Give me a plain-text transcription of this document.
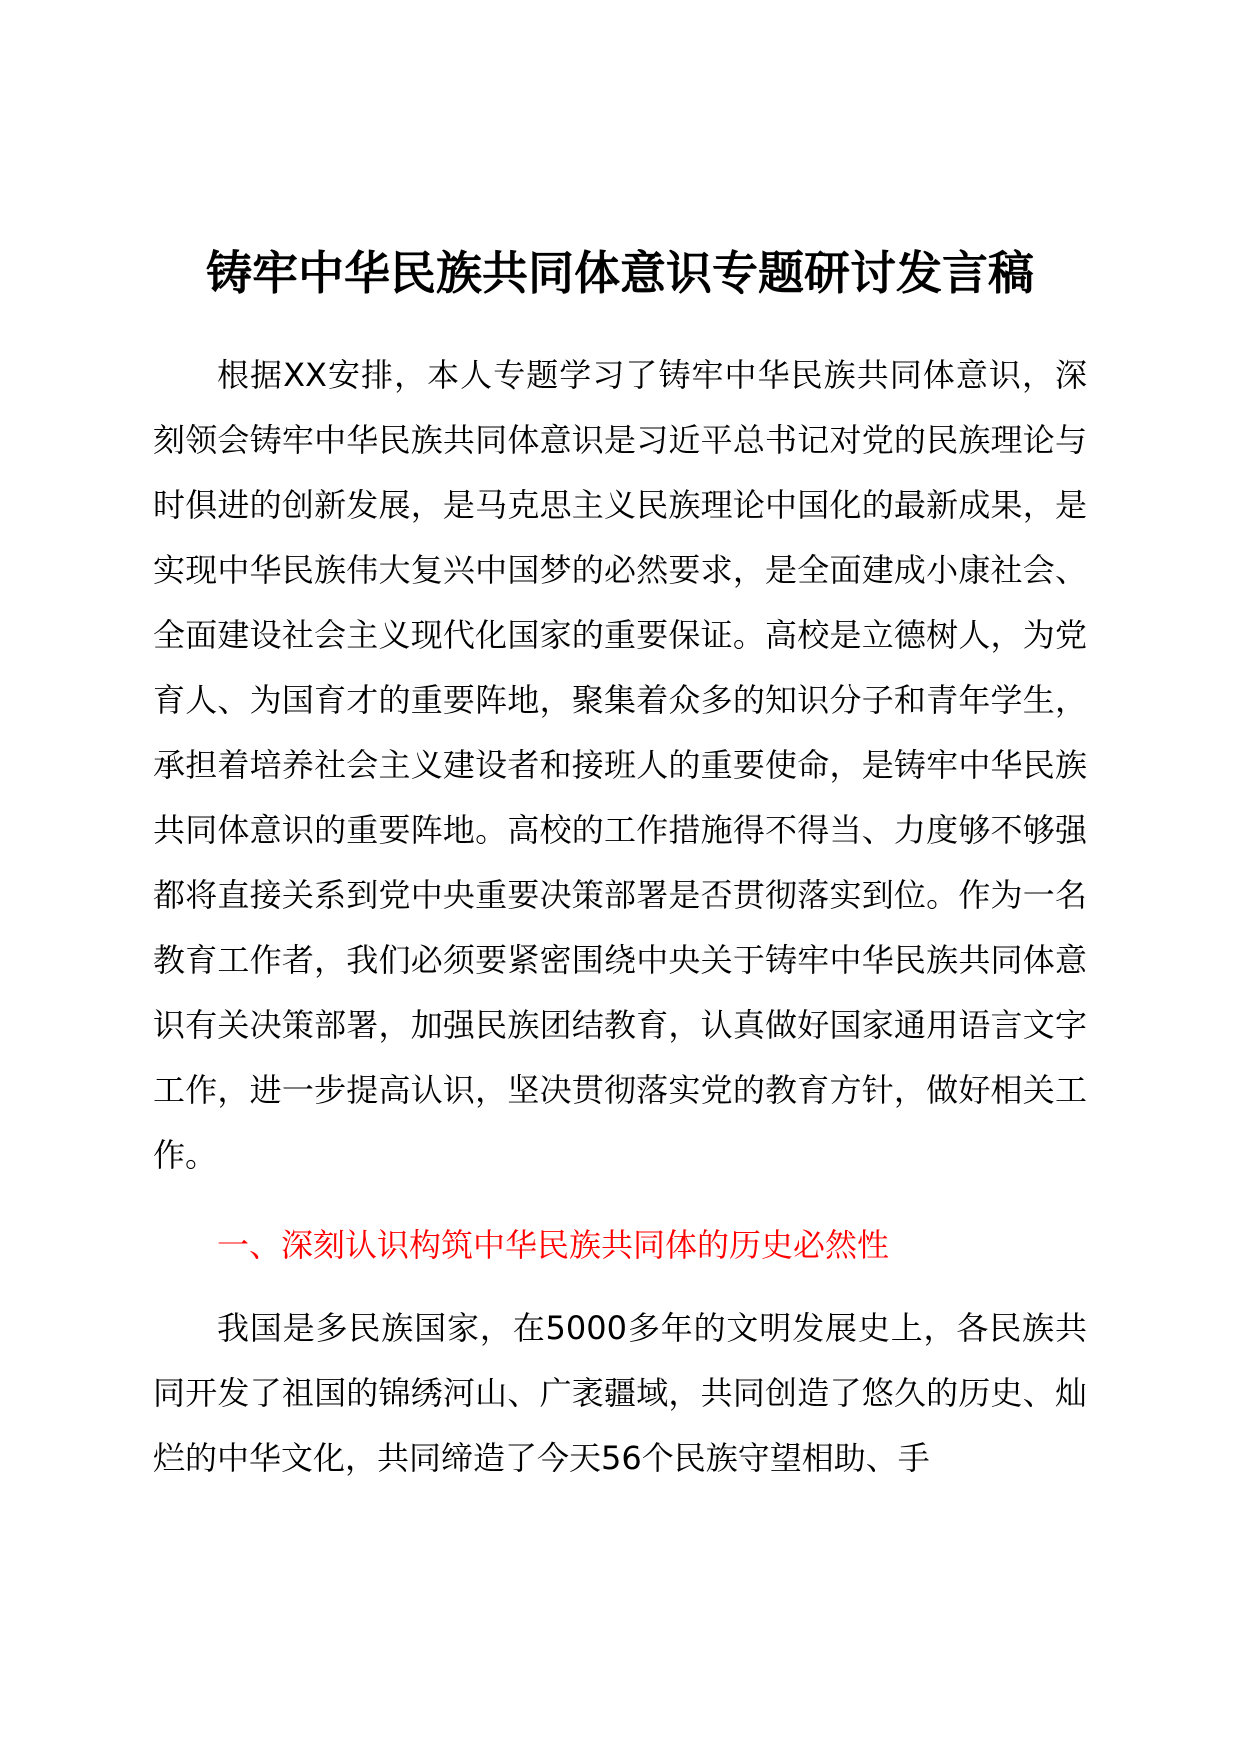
铸牢中华民族共同体意识专题研讨发言稿

根据XX安排，本人专题学习了铸牢中华民族共同体意识，深刻领会铸牢中华民族共同体意识是习近平总书记对党的民族理论与时俱进的创新发展，是马克思主义民族理论中国化的最新成果，是实现中华民族伟大复兴中国梦的必然要求，是全面建成小康社会、全面建设社会主义现代化国家的重要保证。高校是立德树人，为党育人、为国育才的重要阵地，聚集着众多的知识分子和青年学生，承担着培养社会主义建设者和接班人的重要使命，是铸牢中华民族共同体意识的重要阵地。高校的工作措施得不得当、力度够不够强都将直接关系到党中央重要决策部署是否贯彻落实到位。作为一名教育工作者，我们必须要紧密围绕中央关于铸牢中华民族共同体意识有关决策部署，加强民族团结教育，认真做好国家通用语言文字工作，进一步提高认识，坚决贯彻落实党的教育方针，做好相关工作。

一、深刻认识构筑中华民族共同体的历史必然性

我国是多民族国家，在5000多年的文明发展史上，各民族共同开发了祖国的锦绣河山、广袤疆域，共同创造了悠久的历史、灿烂的中华文化，共同缔造了今天56个民族守望相助、手
